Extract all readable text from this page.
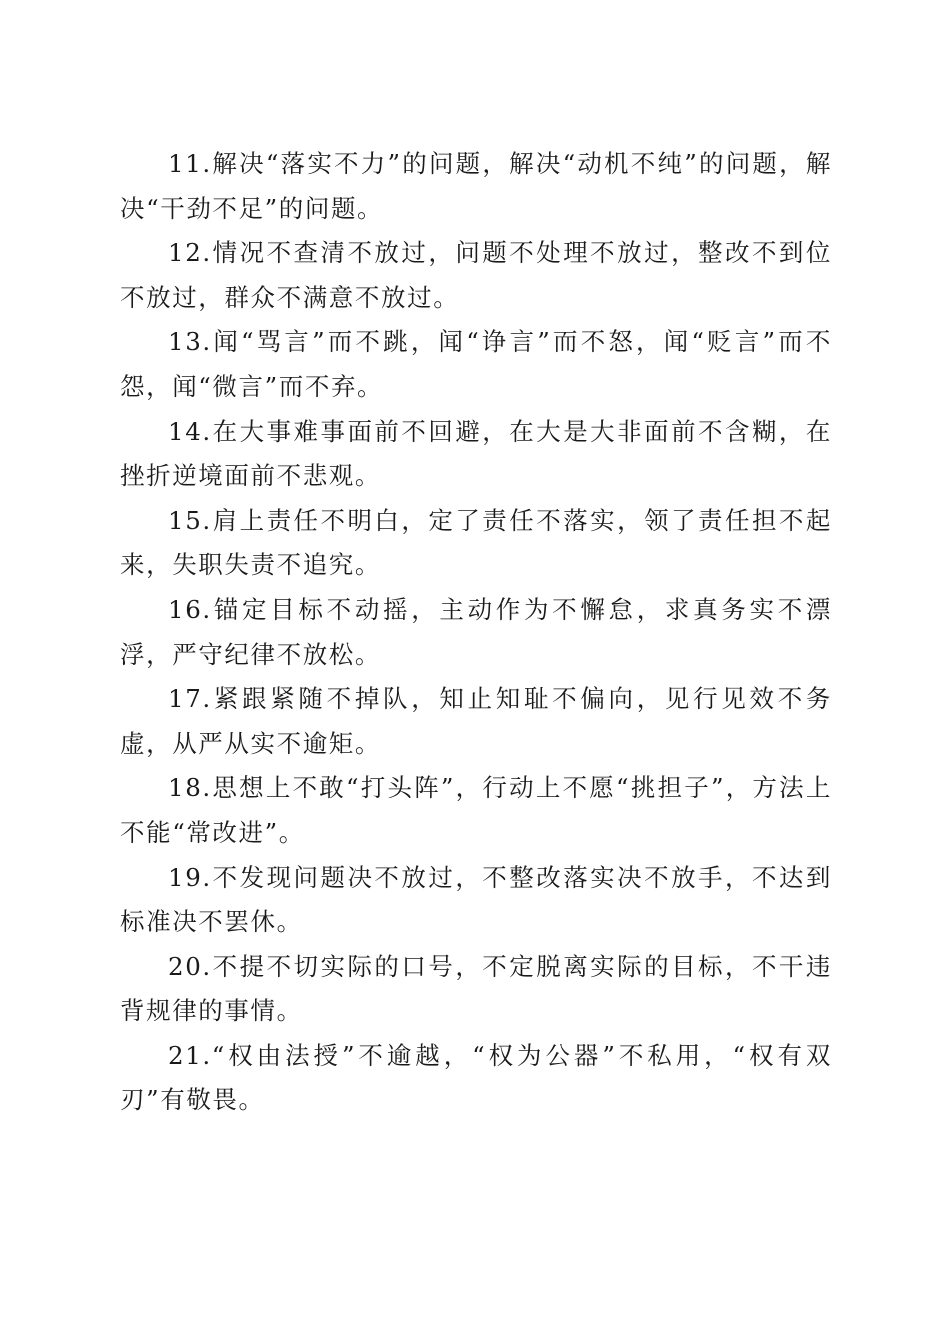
11.解决“落实不力”的问题，解决“动机不纯”的问题，解决“干劲不足”的问题。

12.情况不查清不放过，问题不处理不放过，整改不到位不放过，群众不满意不放过。

13.闻“骂言”而不跳，闻“诤言”而不怒，闻“贬言”而不怨，闻“微言”而不弃。

14.在大事难事面前不回避，在大是大非面前不含糊，在挫折逆境面前不悲观。

15.肩上责任不明白，定了责任不落实，领了责任担不起来，失职失责不追究。

16.锚定目标不动摇，主动作为不懈怠，求真务实不漂浮，严守纪律不放松。

17.紧跟紧随不掉队，知止知耻不偏向，见行见效不务虚，从严从实不逾矩。

18.思想上不敢“打头阵”，行动上不愿“挑担子”，方法上不能“常改进”。

19.不发现问题决不放过，不整改落实决不放手，不达到标准决不罢休。

20.不提不切实际的口号，不定脱离实际的目标，不干违背规律的事情。

21.“权由法授”不逾越，“权为公器”不私用，“权有双刃”有敬畏。
